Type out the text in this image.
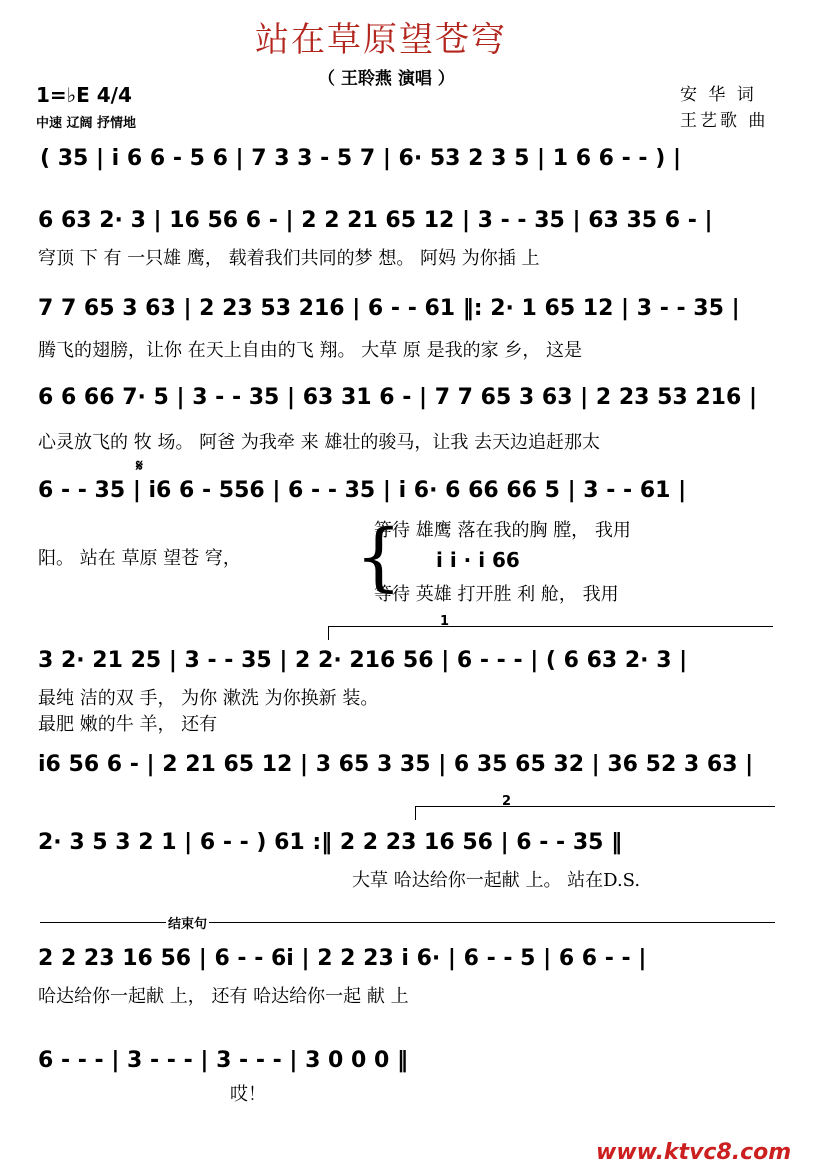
站在草原望苍穹
（ 王聆燕 演唱 ）
1=♭E 4/4
中速 辽阔 抒情地
安 华 词
王艺歌 曲
( 35 | i 6 6 - 5 6 | 7 3 3 - 5 7 | 6· 53 2 3 5 | 1 6 6 - - ) |
6 63 2· 3 | 16 56 6 - | 2 2 21 65 12 | 3 - - 35 | 63 35 6 - |
穹顶 下 有 一只雄 鹰， 载着我们共同的梦 想。 阿妈 为你插 上
7 7 65 3 63 | 2 23 53 216 | 6 - - 61 ‖: 2· 1 65 12 | 3 - - 35 |
腾飞的翅膀，让你 在天上自由的飞 翔。 大草 原 是我的家 乡， 这是
6 6 66 7· 5 | 3 - - 35 | 63 31 6 - | 7 7 65 3 63 | 2 23 53 216 |
心灵放飞的 牧 场。 阿爸 为我牵 来 雄壮的骏马，让我 去天边追赶那太
𝄋
6 - - 35 | i6 6 - 556 | 6 - - 35 | i 6· 6 66 66 5 | 3 - - 61 |
阳。 站在 草原 望苍 穹， {
等待 雄鹰 落在我的胸 膛， 我用
i i · i 66
等待 英雄 打开胜 利 舱， 我用
1
3 2· 21 25 | 3 - - 35 | 2 2· 216 56 | 6 - - - | ( 6 63 2· 3 |
最纯 洁的双 手， 为你 漱洗 为你换新 装。
最肥 嫩的牛 羊， 还有
i6 56 6 - | 2 21 65 12 | 3 65 3 35 | 6 35 65 32 | 36 52 3 63 |
2
2· 3 5 3 2 1 | 6 - - ) 61 :‖ 2 2 23 16 56 | 6 - - 35 ‖
大草 哈达给你一起献 上。 站在D.S.
结束句
2 2 23 16 56 | 6 - - 6i | 2 2 23 i 6· | 6 - - 5 | 6 6 - - |
哈达给你一起献 上， 还有 哈达给你一起 献 上
6 - - - | 3 - - - | 3 - - - | 3 0 0 0 ‖
哎！
www.ktvc8.com
